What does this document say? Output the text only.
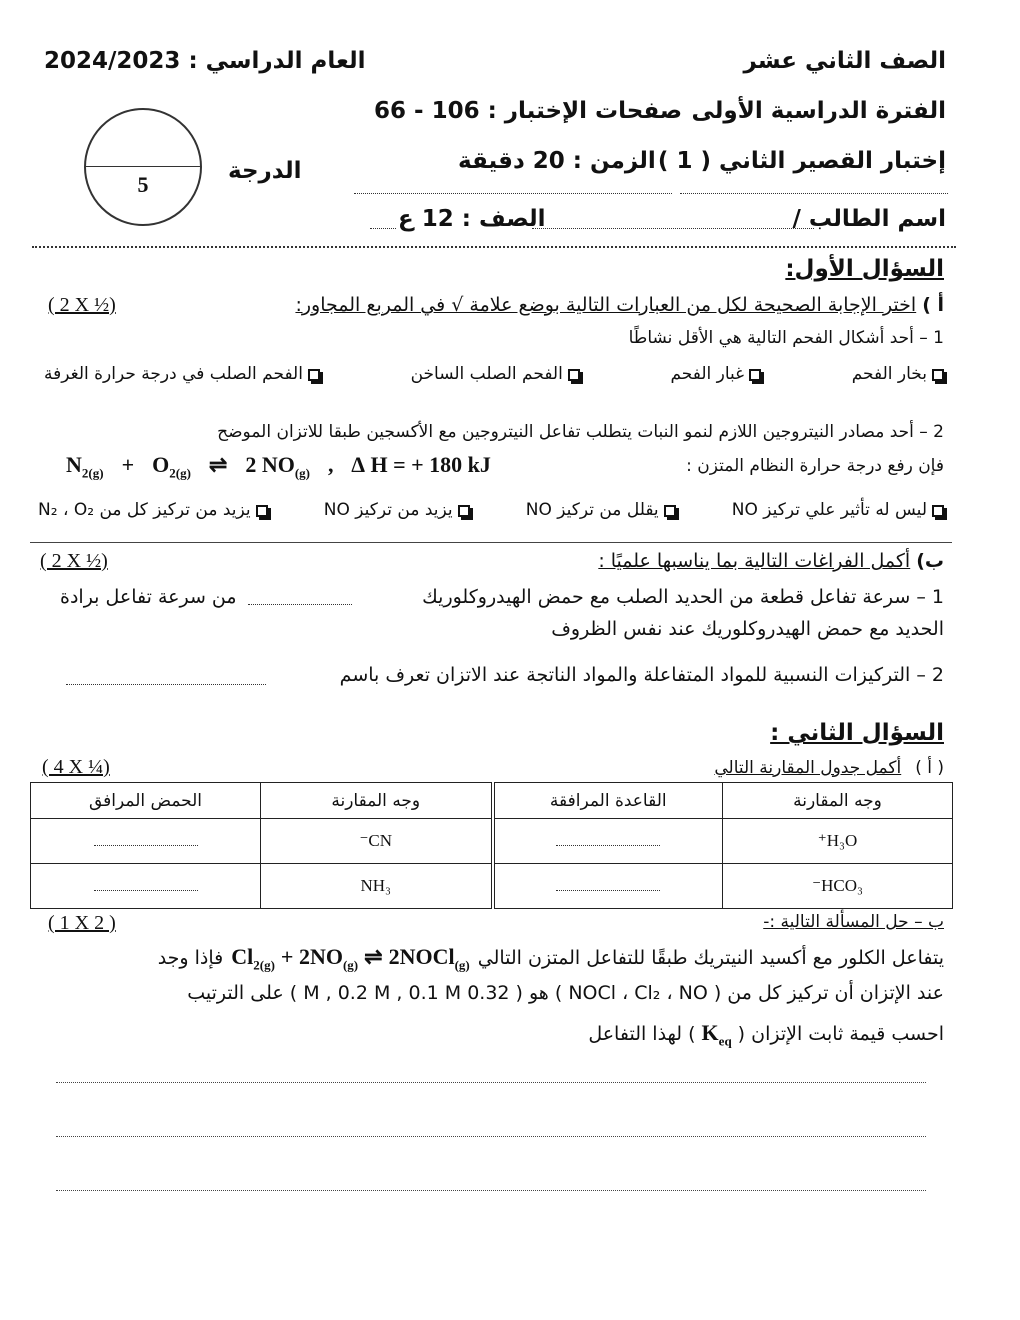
الصف الثاني عشر
الفترة الدراسية الأولى
إختبار القصير الثاني ( 1 )
العام الدراسي :
2024/2023
صفحات الإختبار :
106 - 66
الزمن :
20 دقيقة
5
الدرجة
اسم الطالب /
الصف :
12 ع
السؤال الأول:
أ )
اختر الإجابة الصحيحة لكل من العبارات التالية بوضع علامة √ في المربع المجاور:
( 2 X ½)
1 – أحد أشكال الفحم التالية هي الأقل نشاطًا
بخار الفحم
غبار الفحم
الفحم الصلب الساخن
الفحم الصلب في درجة حرارة الغرفة
2 – أحد مصادر النيتروجين اللازم لنمو النبات يتطلب تفاعل النيتروجين مع الأكسجين طبقا للاتزان الموضح
فإن رفع درجة حرارة النظام المتزن :
$N_{2(g)} + O_{2(g)}$ ⇌ 2 $NO_{(g)}$ , ∆ H = + 180 kJ
ليس له تأثير علي تركيز NO
يقلل من تركيز NO
يزيد من تركيز NO
يزيد من تركيز كل من N₂ ، O₂
ب)
أكمل الفراغات التالية بما يناسبها علميًا :
( 2 X ½)
1 – سرعة تفاعل قطعة من الحديد الصلب مع حمض الهيدروكلوريك
من سرعة تفاعل برادة
الحديد مع حمض الهيدروكلوريك عند نفس الظروف
2 – التركيزات النسبية للمواد المتفاعلة والمواد الناتجة عند الاتزان تعرف باسم
السؤال الثاني :
( أ )
أكمل جدول المقارنة التالي
( 4 X ¼)
وجه المقارنة	القاعدة المرافقة	وجه المقارنة	الحمض المرافق
H₃O⁺		CN⁻	
HCO₃⁻		NH₃	
ب – حل المسألة التالية :-
( 1 X 2 )
يتفاعل الكلور مع أكسيد النيتريك طبقًا للتفاعل المتزن التالي
$Cl_{2(g)} + 2NO_{(g)}$ ⇌ 2NOCl$_{(g)}$
فإذا وجد
عند الإتزان أن تركيز كل من ( NOCl ، Cl₂ ، NO ) هو ( 0.32 M , 0.2 M , 0.1 M ) على الترتيب
احسب قيمة ثابت الإتزان (
$K_{eq}$
) لهذا التفاعل
